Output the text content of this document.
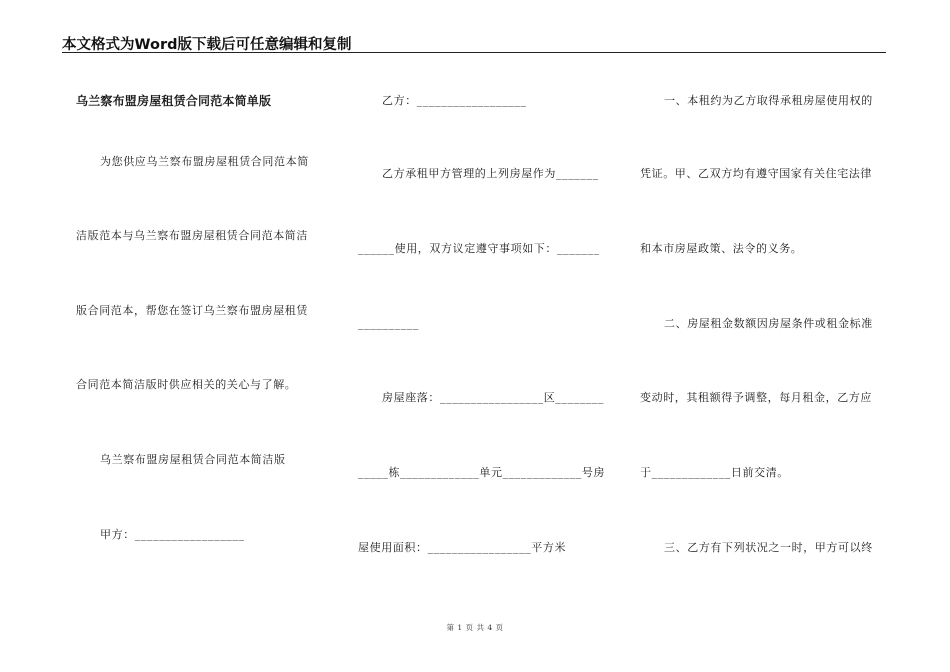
本文格式为Word版下载后可任意编辑和复制
乌兰察布盟房屋租赁合同范本简单版
为您供应乌兰察布盟房屋租赁合同范本简
洁版范本与乌兰察布盟房屋租赁合同范本简洁
版合同范本，帮您在签订乌兰察布盟房屋租赁
合同范本简洁版时供应相关的关心与了解。
乌兰察布盟房屋租赁合同范本简洁版
甲方：__________________
乙方：__________________
乙方承租甲方管理的上列房屋作为_______
______使用，双方议定遵守事项如下：_______
__________
房屋座落：_________________区________
_____栋_____________单元_____________号房
屋使用面积：_________________平方米
一、本租约为乙方取得承租房屋使用权的
凭证。甲、乙双方均有遵守国家有关住宅法律
和本市房屋政策、法令的义务。
二、房屋租金数额因房屋条件或租金标准
变动时，其租额得予调整，每月租金，乙方应
于_____________日前交清。
三、乙方有下列状况之一时，甲方可以终
第 1 页 共 4 页
